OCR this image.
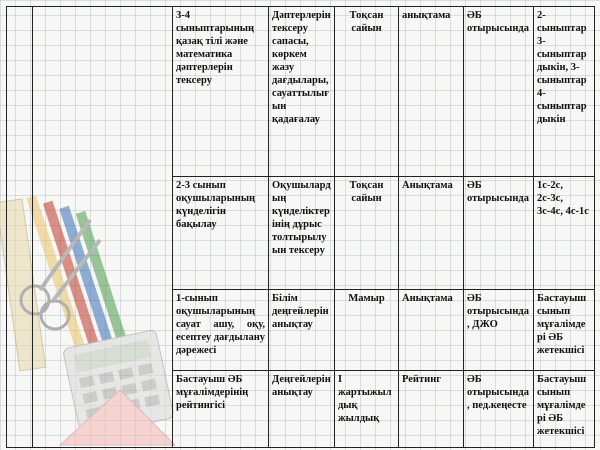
		3-4 сыныптарының қазақ тілі және математика дәптерлерін тексеру	Дәптерлерін тексеру сапасы, көркем жазу дағдылары, сауаттылығын қадағалау	Тоқсан сайын	анықтама	ӘБ отырысында	2-сыныптар 3-сыныптардыкін, 3-сыныптар 4-сыныптардыкін
		2-3 сынып оқушыларының күнделігін бақылау	Оқушылардың күнделіктерінің дұрыс толтырылуын тексеру	Тоқсан сайын	Анықтама	ӘБ отырысында	1с-2с, 2с-3с, 3с-4с, 4с-1с
		1-сынып оқушыларының сауат ашу, оқу, есептеу дағдылану дәрежесі	Білім деңгейлерін анықтау	Мамыр	Анықтама	ӘБ отырысында, ДЖО	Бастауыш сынып мұғалімдері ӘБ жетекшісі
		Бастауыш ӘБ мұғалімдерінің рейтингісі	Деңгейлерін анықтау	І жартыжылдық жылдық	Рейтинг	ӘБ отырысында, пед.кеңесте	Бастауыш сынып мұғалімдері ӘБ жетекшісі
